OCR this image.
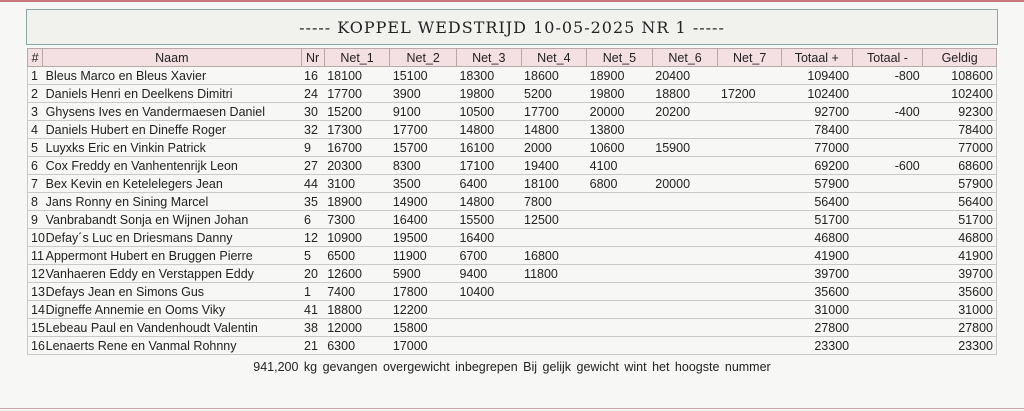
----- KOPPEL WEDSTRIJD 10-05-2025 NR 1 -----
#	Naam	Nr	Net_1	Net_2	Net_3	Net_4	Net_5	Net_6	Net_7	Totaal +	Totaal -	Geldig
1	Bleus Marco en Bleus Xavier	16	18100	15100	18300	18600	18900	20400		109400	-800	108600
2	Daniels Henri en Deelkens Dimitri	24	17700	3900	19800	5200	19800	18800	17200	102400		102400
3	Ghysens Ives en Vandermaesen Daniel	30	15200	9100	10500	17700	20000	20200		92700	-400	92300
4	Daniels Hubert en Dineffe Roger	32	17300	17700	14800	14800	13800			78400		78400
5	Luyxks Eric en Vinkin Patrick	9	16700	15700	16100	2000	10600	15900		77000		77000
6	Cox Freddy en Vanhentenrijk Leon	27	20300	8300	17100	19400	4100			69200	-600	68600
7	Bex Kevin en Ketelelegers Jean	44	3100	3500	6400	18100	6800	20000		57900		57900
8	Jans Ronny en Sining Marcel	35	18900	14900	14800	7800				56400		56400
9	Vanbrabandt Sonja en Wijnen Johan	6	7300	16400	15500	12500				51700		51700
10	Defay´s Luc en Driesmans Danny	12	10900	19500	16400					46800		46800
11	Appermont Hubert en Bruggen Pierre	5	6500	11900	6700	16800				41900		41900
12	Vanhaeren Eddy en Verstappen Eddy	20	12600	5900	9400	11800				39700		39700
13	Defays Jean en Simons Gus	1	7400	17800	10400					35600		35600
14	Digneffe Annemie en Ooms Viky	41	18800	12200						31000		31000
15	Lebeau Paul en Vandenhoudt Valentin	38	12000	15800						27800		27800
16	Lenaerts Rene en Vanmal Rohnny	21	6300	17000						23300		23300
941,200 kg gevangen overgewicht inbegrepen Bij gelijk gewicht wint het hoogste nummer
